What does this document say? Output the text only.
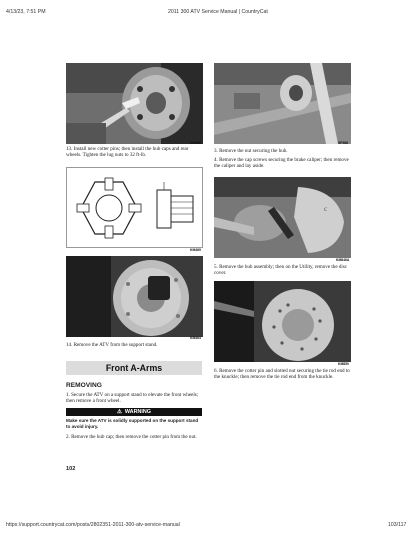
4/13/23, 7:51 PM	2011 300 ATV Service Manual | CountryCat
KM466
13. Install new cotter pins; then install the hub caps and rear wheels. Tighten the lug nuts to 32 ft-lb.
KM469
KM464
14. Remove the ATV from the support stand.
Front A-Arms
REMOVING
1. Secure the ATV on a support stand to elevate the front wheels; then remove a front wheel.
⚠ WARNING
Make sure the ATV is solidly supported on the support stand to avoid injury.
2. Remove the hub cap; then remove the cotter pin from the nut.
SP386
3. Remove the nut securing the hub.
4. Remove the cap screws securing the brake caliper; then remove the caliper and lay aside.
c
KM846A
5. Remove the hub assembly; then on the Utility, remove the disc cover.
KM850
6. Remove the cotter pin and slotted nut securing the tie rod end to the knuckle; then remove the tie rod end from the knuckle.
102
https://support.countrycat.com/posts/2802351-2011-300-atv-service-manual	103/117
